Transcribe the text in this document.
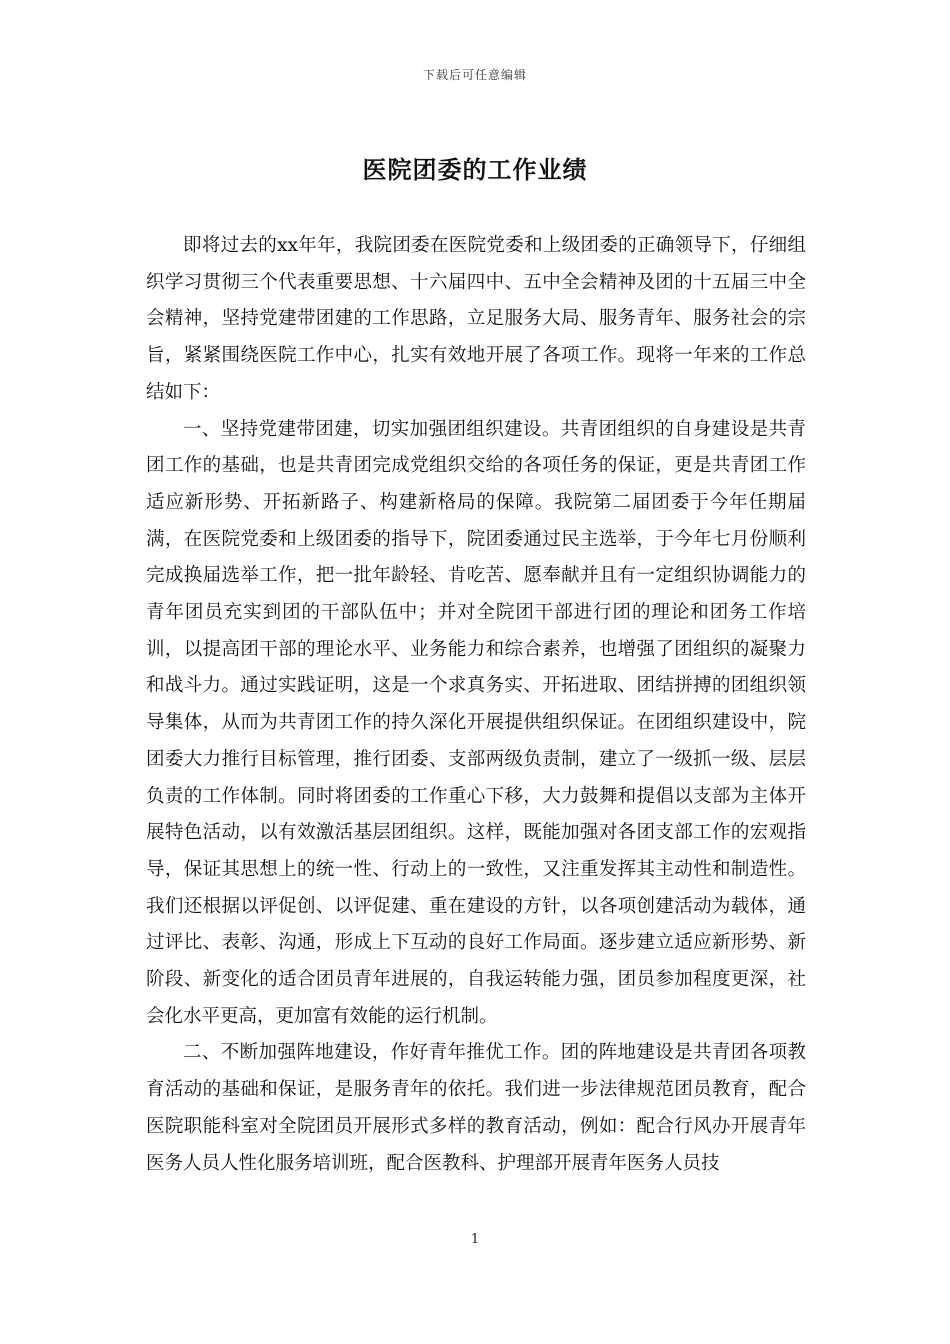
下载后可任意编辑
医院团委的工作业绩

即将过去的xx年年，我院团委在医院党委和上级团委的正确领导下，仔细组织学习贯彻三个代表重要思想、十六届四中、五中全会精神及团的十五届三中全会精神，坚持党建带团建的工作思路，立足服务大局、服务青年、服务社会的宗旨，紧紧围绕医院工作中心，扎实有效地开展了各项工作。现将一年来的工作总结如下：

一、坚持党建带团建，切实加强团组织建设。共青团组织的自身建设是共青团工作的基础，也是共青团完成党组织交给的各项任务的保证，更是共青团工作适应新形势、开拓新路子、构建新格局的保障。我院第二届团委于今年任期届满，在医院党委和上级团委的指导下，院团委通过民主选举，于今年七月份顺利完成换届选举工作，把一批年龄轻、肯吃苦、愿奉献并且有一定组织协调能力的青年团员充实到团的干部队伍中；并对全院团干部进行团的理论和团务工作培训，以提高团干部的理论水平、业务能力和综合素养，也增强了团组织的凝聚力和战斗力。通过实践证明，这是一个求真务实、开拓进取、团结拼搏的团组织领导集体，从而为共青团工作的持久深化开展提供组织保证。在团组织建设中，院团委大力推行目标管理，推行团委、支部两级负责制，建立了一级抓一级、层层负责的工作体制。同时将团委的工作重心下移，大力鼓舞和提倡以支部为主体开展特色活动，以有效激活基层团组织。这样，既能加强对各团支部工作的宏观指导，保证其思想上的统一性、行动上的一致性，又注重发挥其主动性和制造性。我们还根据以评促创、以评促建、重在建设的方针，以各项创建活动为载体，通过评比、表彰、沟通，形成上下互动的良好工作局面。逐步建立适应新形势、新阶段、新变化的适合团员青年进展的，自我运转能力强，团员参加程度更深，社会化水平更高，更加富有效能的运行机制。

二、不断加强阵地建设，作好青年推优工作。团的阵地建设是共青团各项教育活动的基础和保证，是服务青年的依托。我们进一步法律规范团员教育，配合医院职能科室对全院团员开展形式多样的教育活动，例如：配合行风办开展青年医务人员人性化服务培训班，配合医教科、护理部开展青年医务人员技

1
